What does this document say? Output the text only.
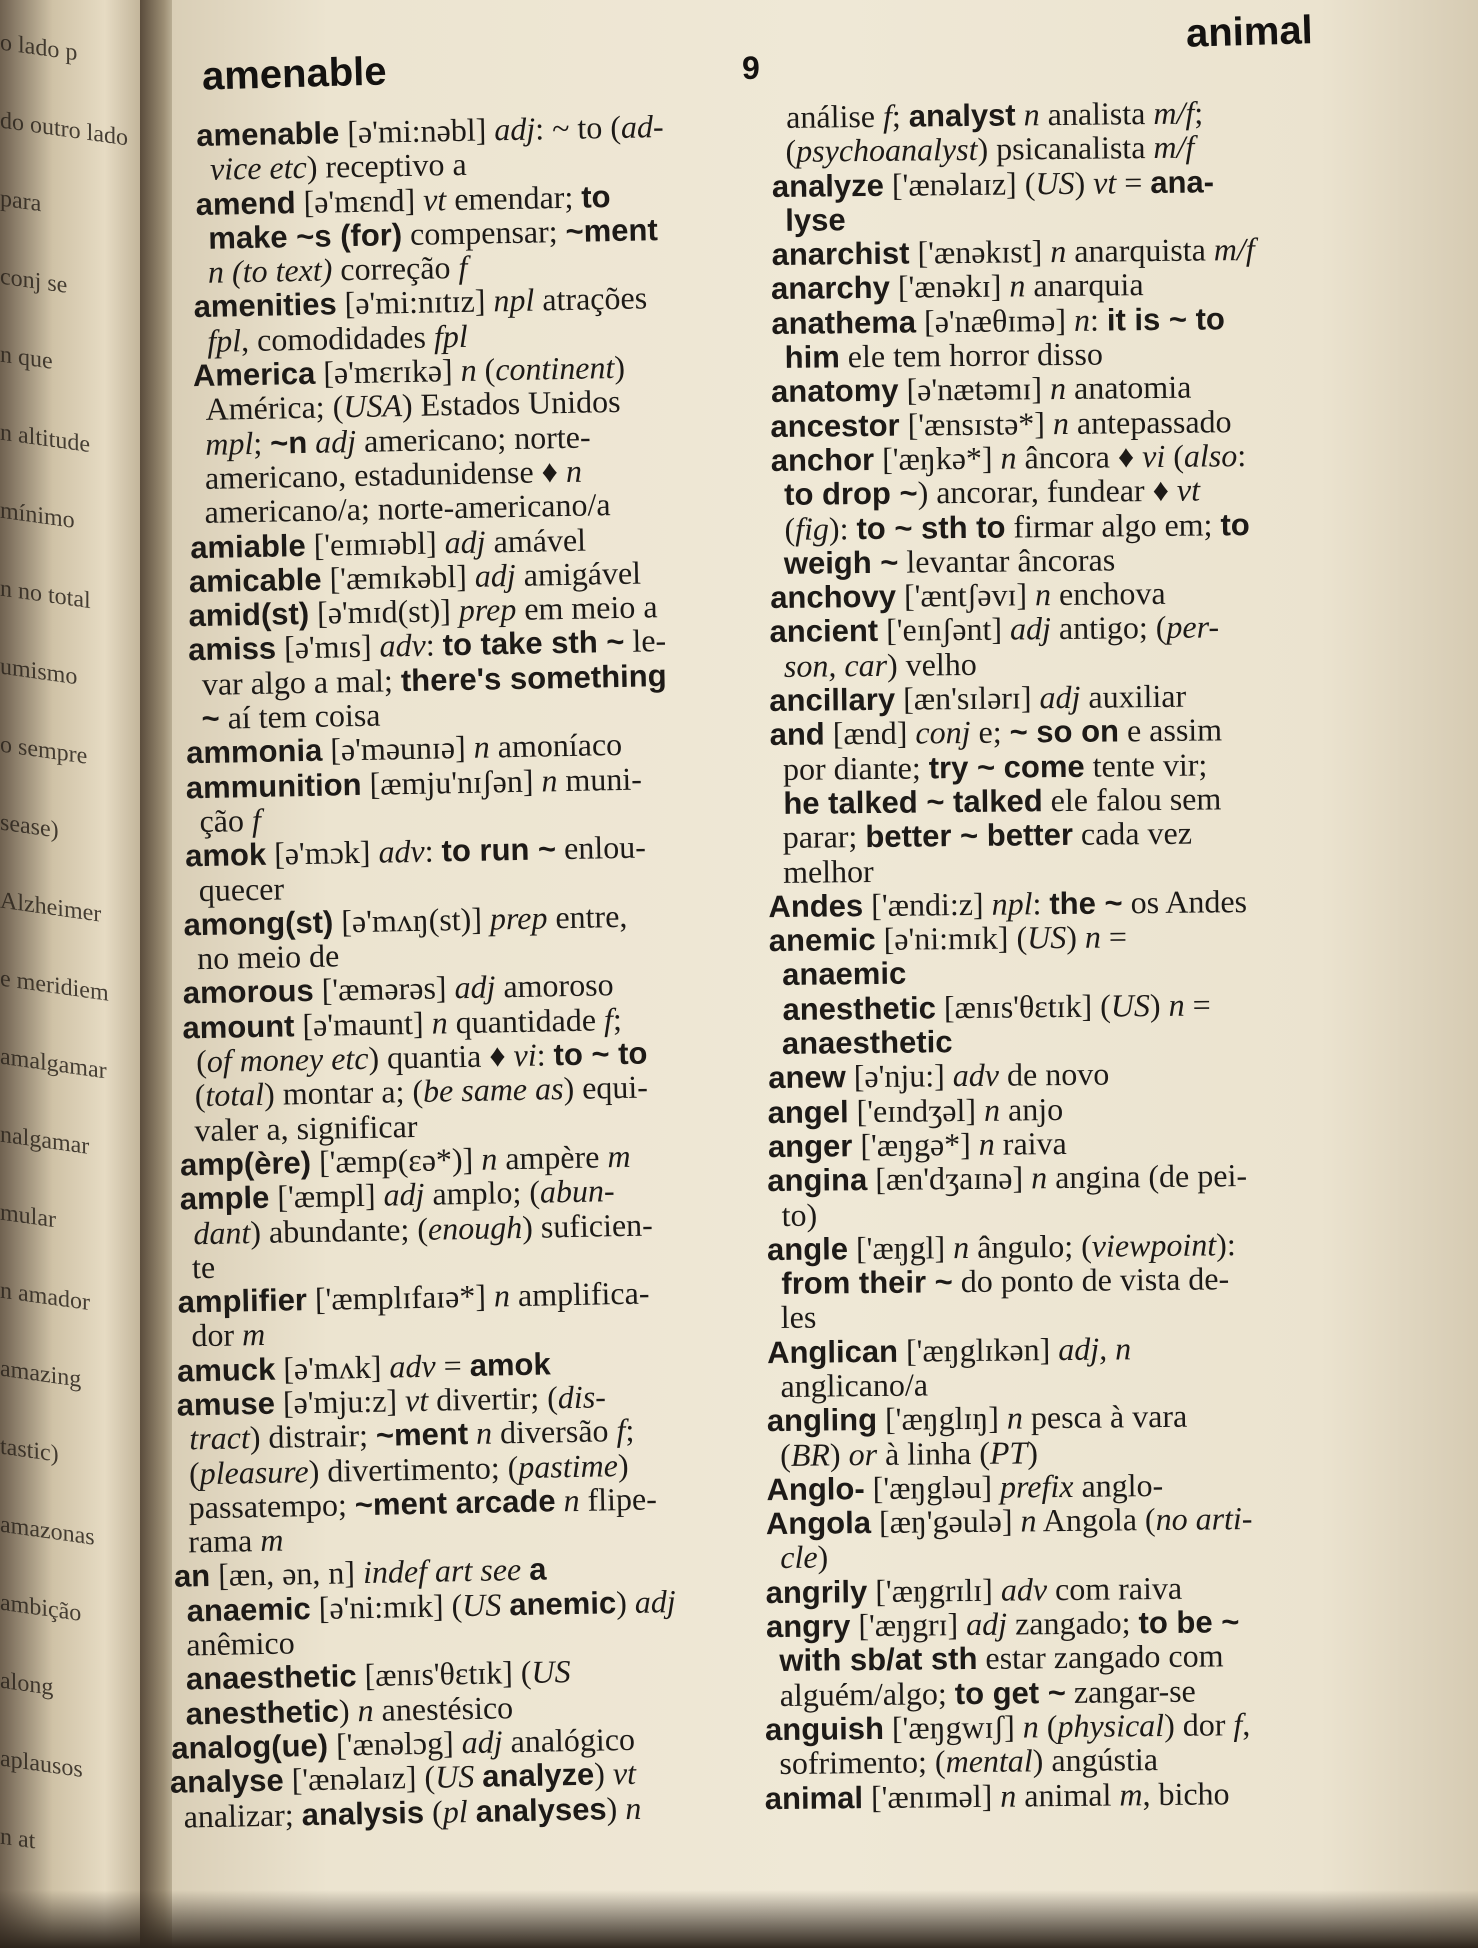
o lado p
do outro lado
para
conj se
n que
n altitude
mínimo
n no total
umismo
o sempre
sease)
Alzheimer
e meridiem
amalgamar
nalgamar
mular
n amador
amazing
tastic)
amazonas
ambição
along
aplausos
n at
amenable	9
animal
amenable [ə'mi:nəbl] adj: ~ to (ad-
vice etc) receptivo a
amend [ə'mɛnd] vt emendar; to
make ~s (for) compensar; ~ment
n (to text) correção f
amenities [ə'mi:nɪtɪz] npl atrações
fpl, comodidades fpl
America [ə'mɛrɪkə] n (continent)
América; (USA) Estados Unidos
mpl; ~n adj americano; norte-
americano, estadunidense ♦ n
americano/a; norte-americano/a
amiable ['eɪmɪəbl] adj amável
amicable ['æmɪkəbl] adj amigável
amid(st) [ə'mɪd(st)] prep em meio a
amiss [ə'mɪs] adv: to take sth ~ le-
var algo a mal; there's something
~ aí tem coisa
ammonia [ə'məunɪə] n amoníaco
ammunition [æmju'nɪʃən] n muni-
ção f
amok [ə'mɔk] adv: to run ~ enlou-
quecer
among(st) [ə'mʌŋ(st)] prep entre,
no meio de
amorous ['æmərəs] adj amoroso
amount [ə'maunt] n quantidade f;
(of money etc) quantia ♦ vi: to ~ to
(total) montar a; (be same as) equi-
valer a, significar
amp(ère) ['æmp(ɛə*)] n ampère m
ample ['æmpl] adj amplo; (abun-
dant) abundante; (enough) suficien-
te
amplifier ['æmplɪfaɪə*] n amplifica-
dor m
amuck [ə'mʌk] adv = amok
amuse [ə'mju:z] vt divertir; (dis-
tract) distrair; ~ment n diversão f;
(pleasure) divertimento; (pastime)
passatempo; ~ment arcade n flipe-
rama m
an [æn, ən, n] indef art see a
anaemic [ə'ni:mɪk] (US anemic) adj
anêmico
anaesthetic [ænɪs'θɛtɪk] (US
anesthetic) n anestésico
analog(ue) ['ænəlɔg] adj analógico
analyse ['ænəlaɪz] (US analyze) vt
analizar; analysis (pl analyses) n
análise f; analyst n analista m/f;
(psychoanalyst) psicanalista m/f
analyze ['ænəlaɪz] (US) vt = ana-
lyse
anarchist ['ænəkɪst] n anarquista m/f
anarchy ['ænəkɪ] n anarquia
anathema [ə'næθɪmə] n: it is ~ to
him ele tem horror disso
anatomy [ə'nætəmɪ] n anatomia
ancestor ['ænsɪstə*] n antepassado
anchor ['æŋkə*] n âncora ♦ vi (also:
to drop ~) ancorar, fundear ♦ vt
(fig): to ~ sth to firmar algo em; to
weigh ~ levantar âncoras
anchovy ['æntʃəvɪ] n enchova
ancient ['eɪnʃənt] adj antigo; (per-
son, car) velho
ancillary [æn'sɪlərɪ] adj auxiliar
and [ænd] conj e; ~ so on e assim
por diante; try ~ come tente vir;
he talked ~ talked ele falou sem
parar; better ~ better cada vez
melhor
Andes ['ændi:z] npl: the ~ os Andes
anemic [ə'ni:mɪk] (US) n =
anaemic
anesthetic [ænɪs'θɛtɪk] (US) n =
anaesthetic
anew [ə'nju:] adv de novo
angel ['eɪndʒəl] n anjo
anger ['æŋgə*] n raiva
angina [æn'dʒaɪnə] n angina (de pei-
to)
angle ['æŋgl] n ângulo; (viewpoint):
from their ~ do ponto de vista de-
les
Anglican ['æŋglɪkən] adj, n
anglicano/a
angling ['æŋglɪŋ] n pesca à vara
(BR) or à linha (PT)
Anglo- ['æŋgləu] prefix anglo-
Angola [æŋ'gəulə] n Angola (no arti-
cle)
angrily ['æŋgrɪlɪ] adv com raiva
angry ['æŋgrɪ] adj zangado; to be ~
with sb/at sth estar zangado com
alguém/algo; to get ~ zangar-se
anguish ['æŋgwɪʃ] n (physical) dor f,
sofrimento; (mental) angústia
animal ['ænɪməl] n animal m, bicho
